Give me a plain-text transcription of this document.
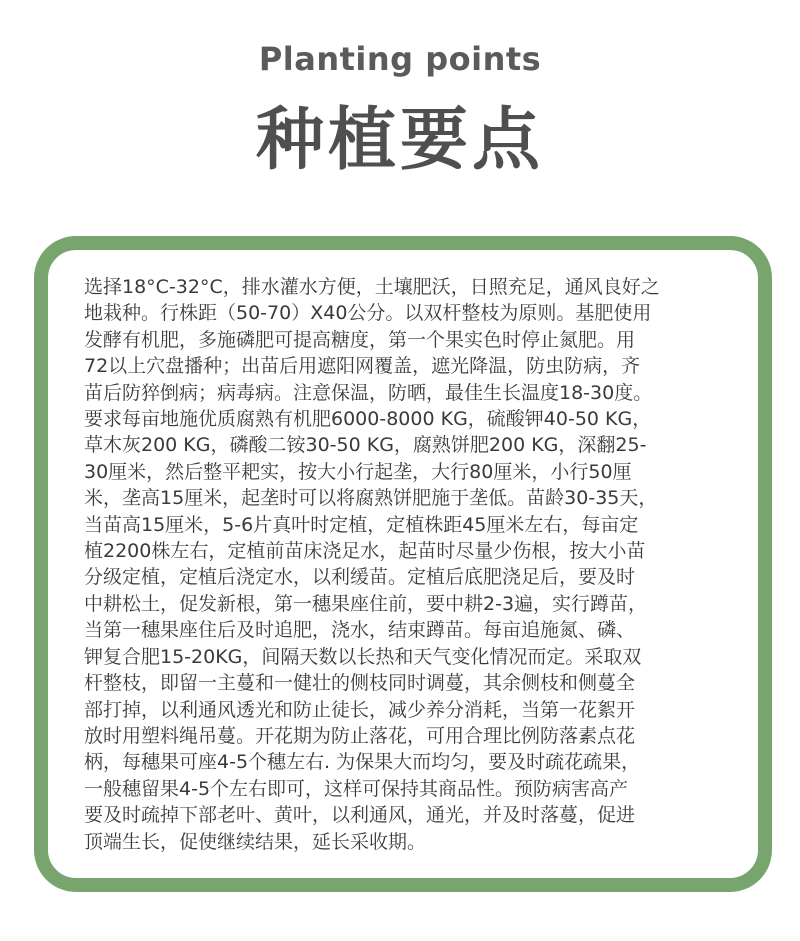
Planting points
种植要点

选择18°C-32°C，排水灌水方便，土壤肥沃，日照充足，通风良好之

地栽种。行株距（50-70）X40公分。以双杆整枝为原则。基肥使用

发酵有机肥，多施磷肥可提高糖度，第一个果实色时停止氮肥。用

72以上穴盘播种；出苗后用遮阳网覆盖，遮光降温，防虫防病，齐

苗后防猝倒病；病毒病。注意保温，防晒，最佳生长温度18-30度。

要求每亩地施优质腐熟有机肥6000-8000 KG，硫酸钾40-50 KG，

草木灰200 KG，磷酸二铵30-50 KG，腐熟饼肥200 KG，深翻25-

30厘米，然后整平耙实，按大小行起垄，大行80厘米，小行50厘

米，垄高15厘米，起垄时可以将腐熟饼肥施于垄低。苗龄30-35天，

当苗高15厘米，5-6片真叶时定植，定植株距45厘米左右，每亩定

植2200株左右，定植前苗床浇足水，起苗时尽量少伤根，按大小苗

分级定植，定植后浇定水，以利缓苗。定植后底肥浇足后，要及时

中耕松土，促发新根，第一穗果座住前，要中耕2-3遍，实行蹲苗，

当第一穗果座住后及时追肥，浇水，结束蹲苗。每亩追施氮、磷、

钾复合肥15-20KG，间隔天数以长热和天气变化情况而定。采取双

杆整枝，即留一主蔓和一健壮的侧枝同时调蔓，其余侧枝和侧蔓全

部打掉，以利通风透光和防止徒长，减少养分消耗，当第一花絮开

放时用塑料绳吊蔓。开花期为防止落花，可用合理比例防落素点花

柄，每穗果可座4-5个穗左右. 为保果大而均匀，要及时疏花疏果，

一般穗留果4-5个左右即可，这样可保持其商品性。预防病害高产

要及时疏掉下部老叶、黄叶，以利通风，通光，并及时落蔓，促进

顶端生长，促使继续结果，延长采收期。
